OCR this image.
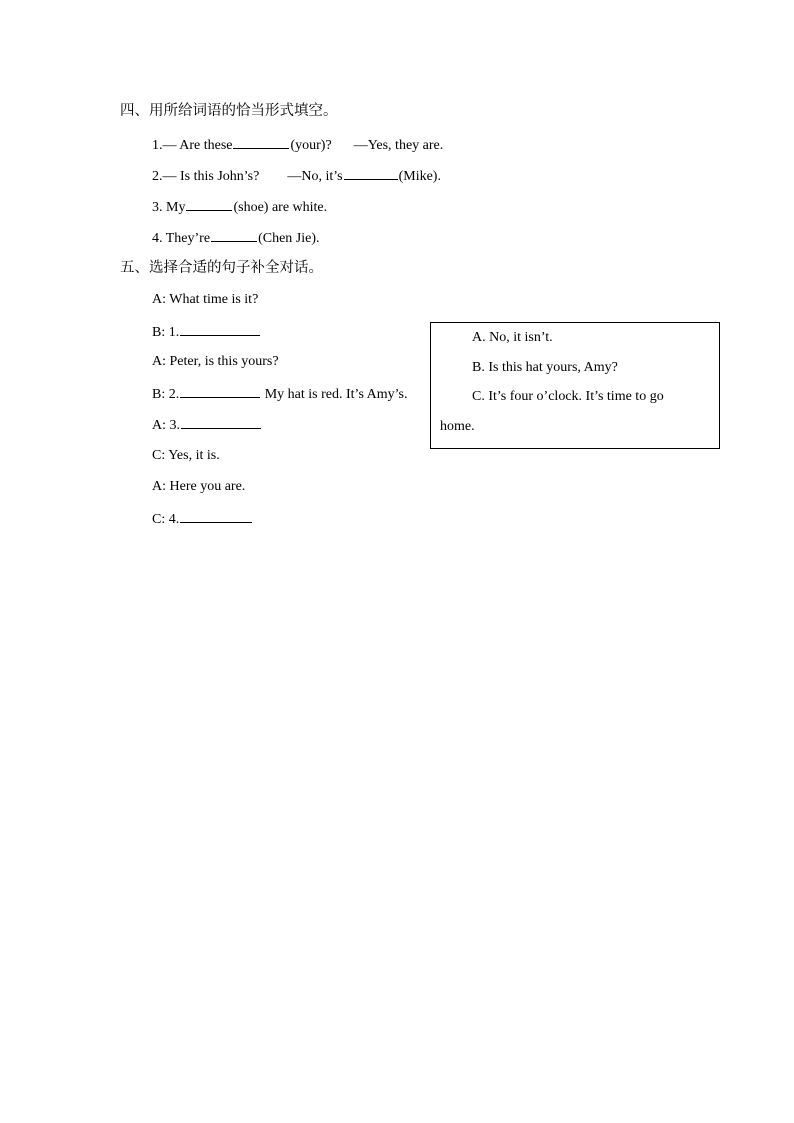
四、用所给词语的恰当形式填空。
1.— Are these	(your)? —Yes, they are.
2.— Is this John’s? —No, it’s	(Mike).
3. My	(shoe) are white.
4. They’re	(Chen Jie).
五、选择合适的句子补全对话。
A: What time is it?
B: 1.
A: Peter, is this yours?
B: 2.	My hat is red. It’s Amy’s.
A: 3.
C: Yes, it is.
A: Here you are.
C: 4.
A. No, it isn’t.
B. Is this hat yours, Amy?
C. It’s four o’clock. It’s time to go
home.
